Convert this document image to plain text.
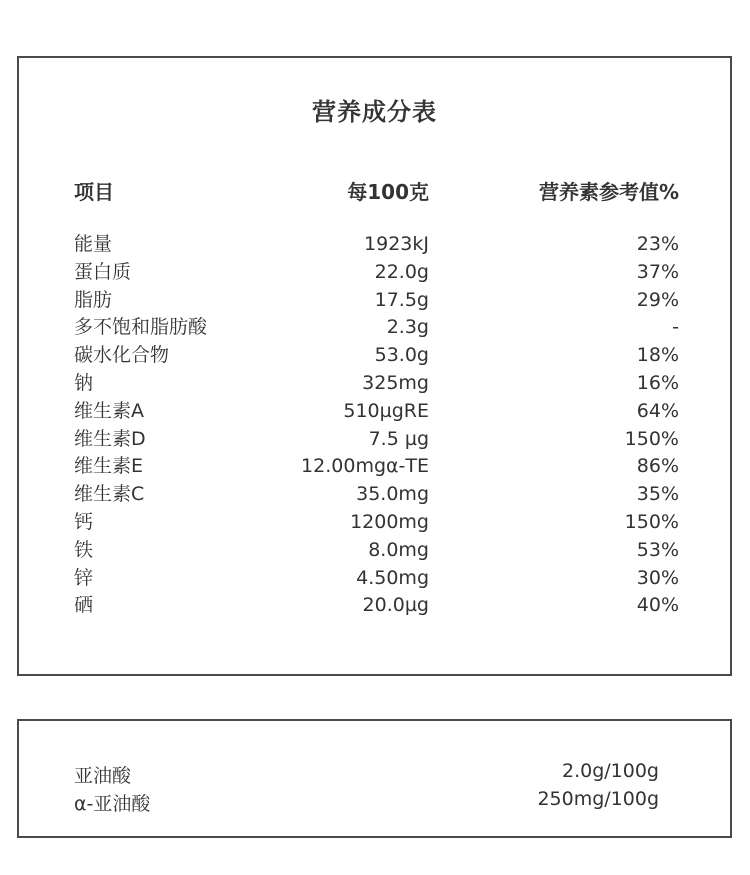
营养成分表
项目	每100克	营养素参考值%
能量	1923kJ	23%
蛋白质	22.0g	37%
脂肪	17.5g	29%
多不饱和脂肪酸	2.3g	-
碳水化合物	53.0g	18%
钠	325mg	16%
维生素A	510µgRE	64%
维生素D	7.5 µg	150%
维生素E	12.00mgα-TE	86%
维生素C	35.0mg	35%
钙	1200mg	150%
铁	8.0mg	53%
锌	4.50mg	30%
硒	20.0µg	40%
亚油酸	2.0g/100g
α-亚油酸	250mg/100g
